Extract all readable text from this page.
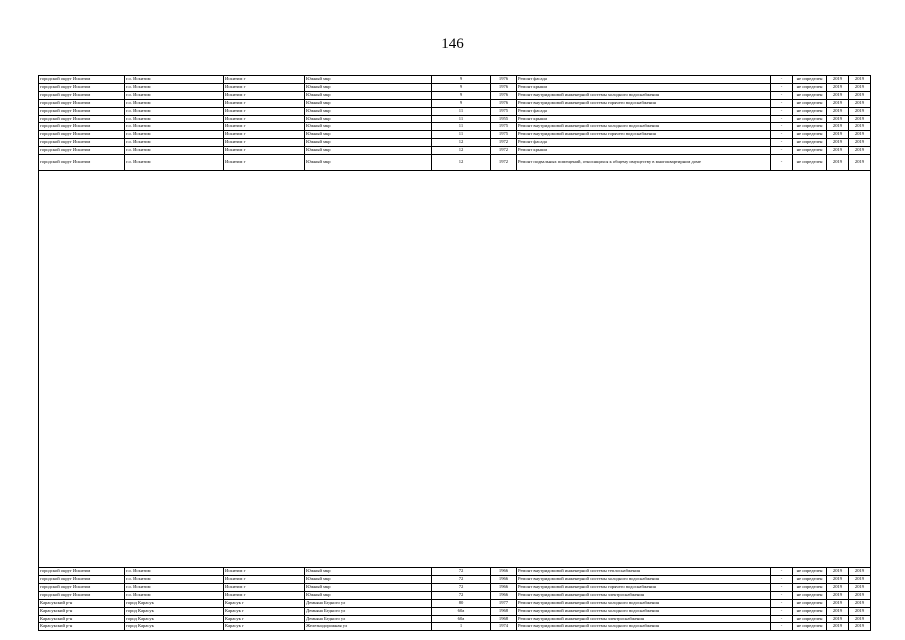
146
городской округ Искитим	г.о. Искитим	Искитим г	Южный мкр	9	1976	Ремонт фасада	-	не определен	2019	2019
городской округ Искитим	г.о. Искитим	Искитим г	Южный мкр	9	1976	Ремонт крыши	-	не определен	2019	2019
городской округ Искитим	г.о. Искитим	Искитим г	Южный мкр	9	1976	Ремонт внутридомовой инженерной системы холодного водоснабжения	-	не определен	2019	2019
городской округ Искитим	г.о. Искитим	Искитим г	Южный мкр	9	1976	Ремонт внутридомовой инженерной системы горячего водоснабжения	-	не определен	2019	2019
городской округ Искитим	г.о. Искитим	Искитим г	Южный мкр	11	1975	Ремонт фасада	-	не определен	2019	2019
городской округ Искитим	г.о. Искитим	Искитим г	Южный мкр	11	1955	Ремонт крыши	-	не определен	2019	2019
городской округ Искитим	г.о. Искитим	Искитим г	Южный мкр	11	1975	Ремонт внутридомовой инженерной системы холодного водоснабжения	-	не определен	2019	2019
городской округ Искитим	г.о. Искитим	Искитим г	Южный мкр	11	1975	Ремонт внутридомовой инженерной системы горячего водоснабжения	-	не определен	2019	2019
городской округ Искитим	г.о. Искитим	Искитим г	Южный мкр	12	1972	Ремонт фасада	-	не определен	2019	2019
городской округ Искитим	г.о. Искитим	Искитим г	Южный мкр	12	1972	Ремонт крыши	-	не определен	2019	2019
городской округ Искитим	г.о. Искитим	Искитим г	Южный мкр	12	1972	Ремонт подвальных помещений, относящихся к общему имуществу в многоквартирном доме	-	не определен	2019	2019

городской округ Искитим	г.о. Искитим	Искитим г	Южный мкр	72	1966	Ремонт внутридомовой инженерной системы теплоснабжения	-	не определен	2019	2019
городской округ Искитим	г.о. Искитим	Искитим г	Южный мкр	72	1966	Ремонт внутридомовой инженерной системы холодного водоснабжения	-	не определен	2019	2019
городской округ Искитим	г.о. Искитим	Искитим г	Южный мкр	72	1966	Ремонт внутридомовой инженерной системы горячего водоснабжения	-	не определен	2019	2019
городской округ Искитим	г.о. Искитим	Искитим г	Южный мкр	72	1966	Ремонт внутридомовой инженерной системы электроснабжения	-	не определен	2019	2019
Карасукский р-н	город Карасук	Карасук г	Демьяна Бедного ул	80	1977	Ремонт внутридомовой инженерной системы холодного водоснабжения	-	не определен	2019	2019
Карасукский р-н	город Карасук	Карасук г	Демьяна Бедного ул	60а	1968	Ремонт внутридомовой инженерной системы холодного водоснабжения	-	не определен	2019	2019
Карасукский р-н	город Карасук	Карасук г	Демьяна Бедного ул	60а	1968	Ремонт внутридомовой инженерной системы электроснабжения	-	не определен	2019	2019
Карасукский р-н	город Карасук	Карасук г	Железнодорожная ул	1	1974	Ремонт внутридомовой инженерной системы холодного водоснабжения	-	не определен	2019	2019
